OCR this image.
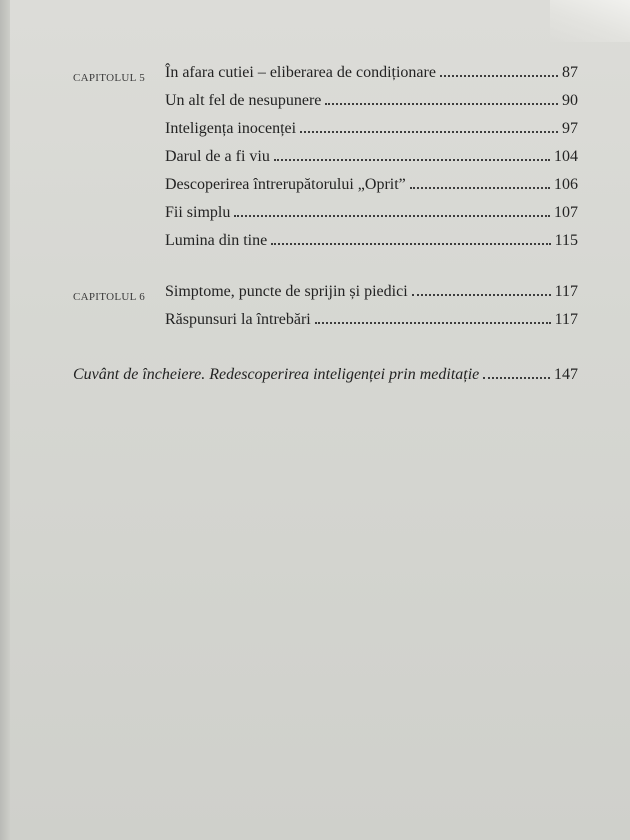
CAPITOLUL 5 În afara cutiei – eliberarea de condiționare	87
Un alt fel de nesupunere	90
Inteligența inocenței	97
Darul de a fi viu	104
Descoperirea întrerupătorului „Oprit”	106
Fii simplu	107
Lumina din tine	115
CAPITOLUL 6 Simptome, puncte de sprijin și piedici	117
Răspunsuri la întrebări	117
Cuvânt de încheiere. Redescoperirea inteligenței prin meditație	147
